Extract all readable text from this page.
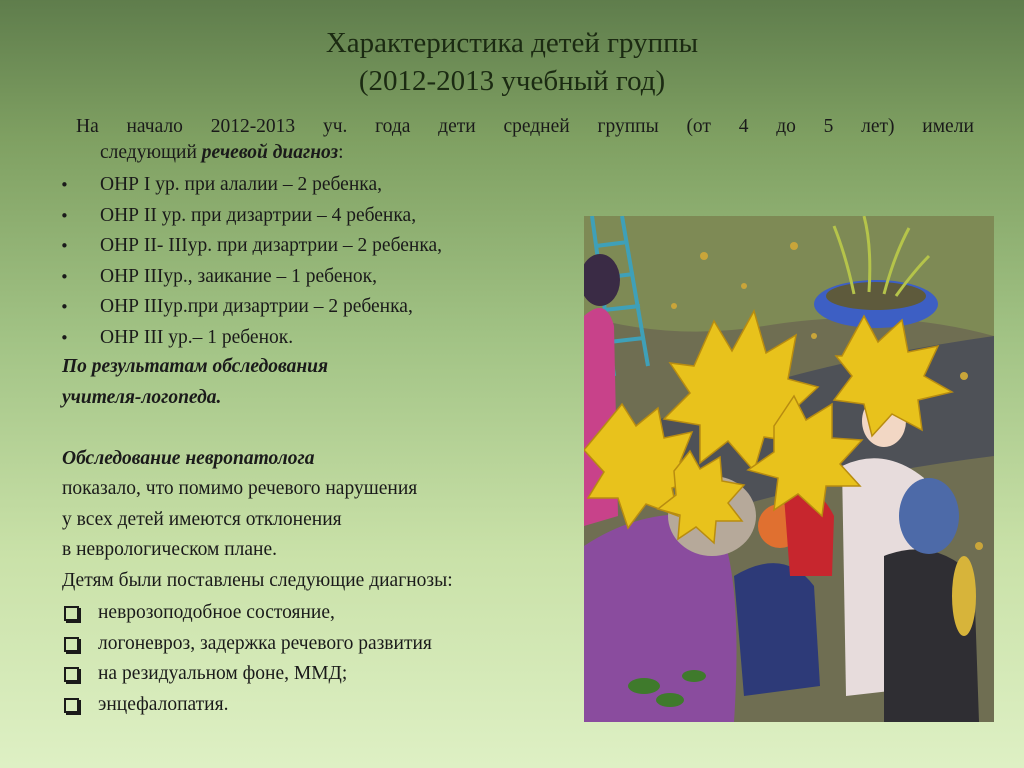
Характеристика детей группы
(2012-2013 учебный год)
На начало 2012-2013 уч. года дети средней группы (от 4 до 5 лет) имели
следующий речевой диагноз:
• ОНР I ур. при алалии – 2 ребенка,
• ОНР II ур. при дизартрии – 4 ребенка,
• ОНР II- IIIур. при дизартрии – 2 ребенка,
• ОНР IIIур., заикание – 1 ребенок,
• ОНР IIIур.при дизартрии – 2 ребенка,
• ОНР III ур.– 1 ребенок.
По результатам обследования
учителя-логопеда.
Обследование невропатолога
показало, что помимо речевого нарушения
у всех детей имеются отклонения
в неврологическом плане.
Детям были поставлены следующие диагнозы:
неврозоподобное состояние,
логоневроз, задержка речевого развития
на резидуальном фоне, ММД;
энцефалопатия.
